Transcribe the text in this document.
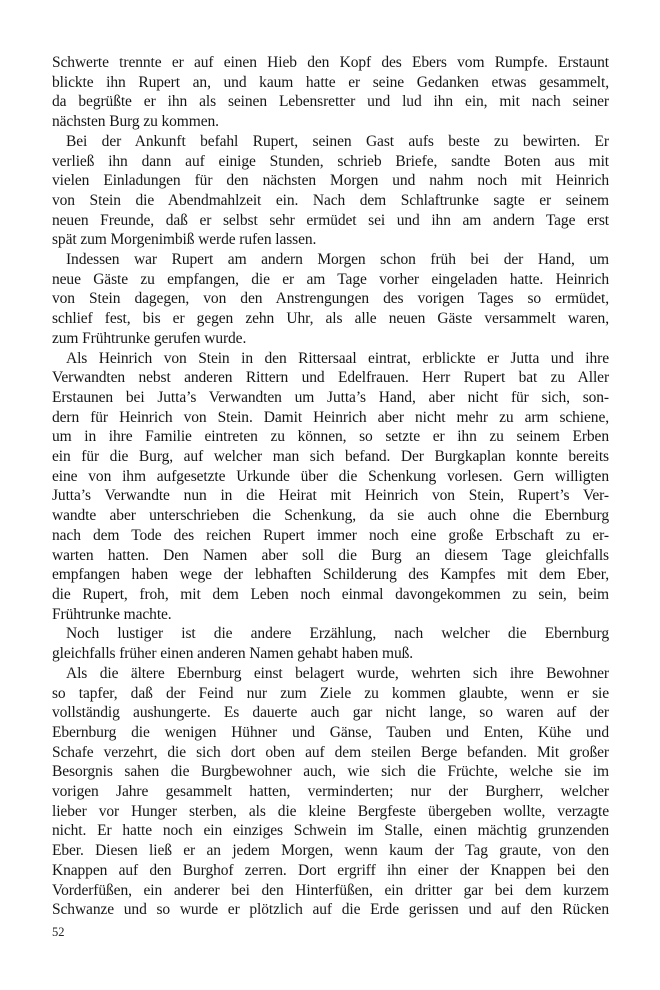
Schwerte trennte er auf einen Hieb den Kopf des Ebers vom Rumpfe. Erstaunt
blickte ihn Rupert an, und kaum hatte er seine Gedanken etwas gesammelt,
da begrüßte er ihn als seinen Lebensretter und lud ihn ein, mit nach seiner
nächsten Burg zu kommen.
Bei der Ankunft befahl Rupert, seinen Gast aufs beste zu bewirten. Er
verließ ihn dann auf einige Stunden, schrieb Briefe, sandte Boten aus mit
vielen Einladungen für den nächsten Morgen und nahm noch mit Heinrich
von Stein die Abendmahlzeit ein. Nach dem Schlaftrunke sagte er seinem
neuen Freunde, daß er selbst sehr ermüdet sei und ihn am andern Tage erst
spät zum Morgenimbiß werde rufen lassen.
Indessen war Rupert am andern Morgen schon früh bei der Hand, um
neue Gäste zu empfangen, die er am Tage vorher eingeladen hatte. Heinrich
von Stein dagegen, von den Anstrengungen des vorigen Tages so ermüdet,
schlief fest, bis er gegen zehn Uhr, als alle neuen Gäste versammelt waren,
zum Frühtrunke gerufen wurde.
Als Heinrich von Stein in den Rittersaal eintrat, erblickte er Jutta und ihre
Verwandten nebst anderen Rittern und Edelfrauen. Herr Rupert bat zu Aller
Erstaunen bei Jutta’s Verwandten um Jutta’s Hand, aber nicht für sich, son-
dern für Heinrich von Stein. Damit Heinrich aber nicht mehr zu arm schiene,
um in ihre Familie eintreten zu können, so setzte er ihn zu seinem Erben
ein für die Burg, auf welcher man sich befand. Der Burgkaplan konnte bereits
eine von ihm aufgesetzte Urkunde über die Schenkung vorlesen. Gern willigten
Jutta’s Verwandte nun in die Heirat mit Heinrich von Stein, Rupert’s Ver-
wandte aber unterschrieben die Schenkung, da sie auch ohne die Ebernburg
nach dem Tode des reichen Rupert immer noch eine große Erbschaft zu er-
warten hatten. Den Namen aber soll die Burg an diesem Tage gleichfalls
empfangen haben wege der lebhaften Schilderung des Kampfes mit dem Eber,
die Rupert, froh, mit dem Leben noch einmal davongekommen zu sein, beim
Frühtrunke machte.
Noch lustiger ist die andere Erzählung, nach welcher die Ebernburg
gleichfalls früher einen anderen Namen gehabt haben muß.
Als die ältere Ebernburg einst belagert wurde, wehrten sich ihre Bewohner
so tapfer, daß der Feind nur zum Ziele zu kommen glaubte, wenn er sie
vollständig aushungerte. Es dauerte auch gar nicht lange, so waren auf der
Ebernburg die wenigen Hühner und Gänse, Tauben und Enten, Kühe und
Schafe verzehrt, die sich dort oben auf dem steilen Berge befanden. Mit großer
Besorgnis sahen die Burgbewohner auch, wie sich die Früchte, welche sie im
vorigen Jahre gesammelt hatten, verminderten; nur der Burgherr, welcher
lieber vor Hunger sterben, als die kleine Bergfeste übergeben wollte, verzagte
nicht. Er hatte noch ein einziges Schwein im Stalle, einen mächtig grunzenden
Eber. Diesen ließ er an jedem Morgen, wenn kaum der Tag graute, von den
Knappen auf den Burghof zerren. Dort ergriff ihn einer der Knappen bei den
Vorderfüßen, ein anderer bei den Hinterfüßen, ein dritter gar bei dem kurzem
Schwanze und so wurde er plötzlich auf die Erde gerissen und auf den Rücken
52
